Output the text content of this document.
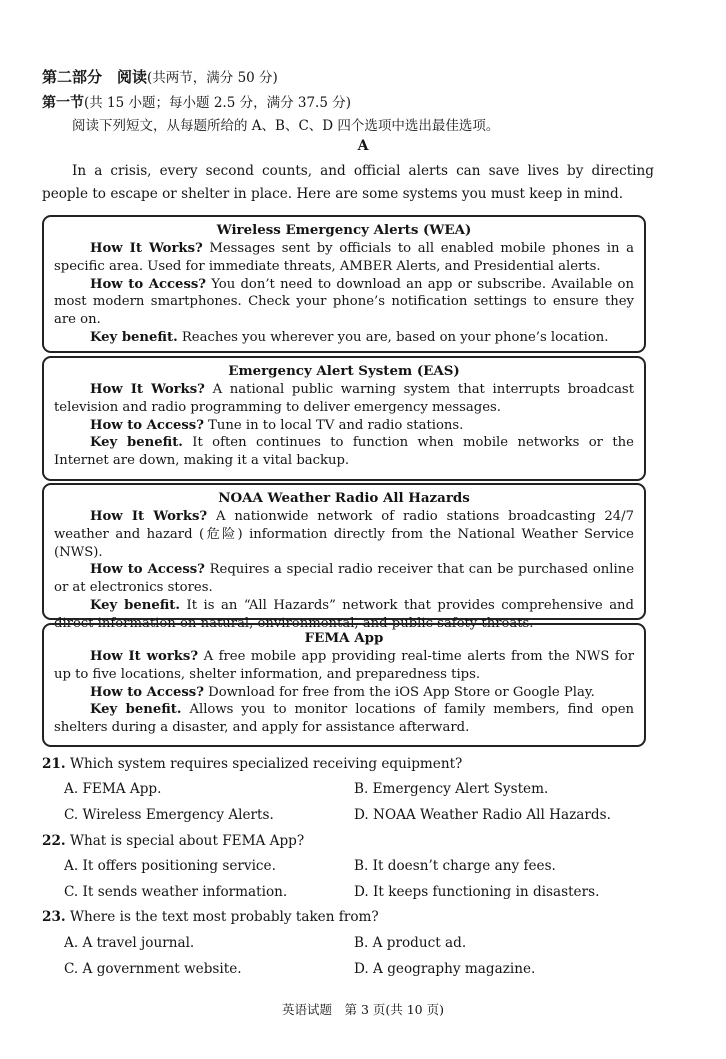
第二部分　阅读(共两节，满分 50 分)
第一节(共 15 小题；每小题 2.5 分，满分 37.5 分)
阅读下列短文，从每题所给的 A、B、C、D 四个选项中选出最佳选项。
A
In a crisis, every second counts, and official alerts can save lives by directing people to escape or shelter in place. Here are some systems you must keep in mind.
Wireless Emergency Alerts (WEA)

How It Works? Messages sent by officials to all enabled mobile phones in a specific area. Used for immediate threats, AMBER Alerts, and Presidential alerts.

How to Access? You don’t need to download an app or subscribe. Available on most modern smartphones. Check your phone’s notification settings to ensure they are on.

Key benefit. Reaches you wherever you are, based on your phone’s location.

Emergency Alert System (EAS)

How It Works? A national public warning system that interrupts broadcast television and radio programming to deliver emergency messages.

How to Access? Tune in to local TV and radio stations.

Key benefit. It often continues to function when mobile networks or the Internet are down, making it a vital backup.

NOAA Weather Radio All Hazards

How It Works? A nationwide network of radio stations broadcasting 24/7 weather and hazard (危险) information directly from the National Weather Service (NWS).

How to Access? Requires a special radio receiver that can be purchased online or at electronics stores.

Key benefit. It is an “All Hazards” network that provides comprehensive and direct information on natural, environmental, and public safety threats.

FEMA App

How It works? A free mobile app providing real-time alerts from the NWS for up to five locations, shelter information, and preparedness tips.

How to Access? Download for free from the iOS App Store or Google Play.

Key benefit. Allows you to monitor locations of family members, find open shelters during a disaster, and apply for assistance afterward.

21. Which system requires specialized receiving equipment?
A. FEMA App.	B. Emergency Alert System.
C. Wireless Emergency Alerts.	D. NOAA Weather Radio All Hazards.
22. What is special about FEMA App?
A. It offers positioning service.	B. It doesn’t charge any fees.
C. It sends weather information.	D. It keeps functioning in disasters.
23. Where is the text most probably taken from?
A. A travel journal.	B. A product ad.
C. A government website.	D. A geography magazine.
英语试题　第 3 页(共 10 页)
